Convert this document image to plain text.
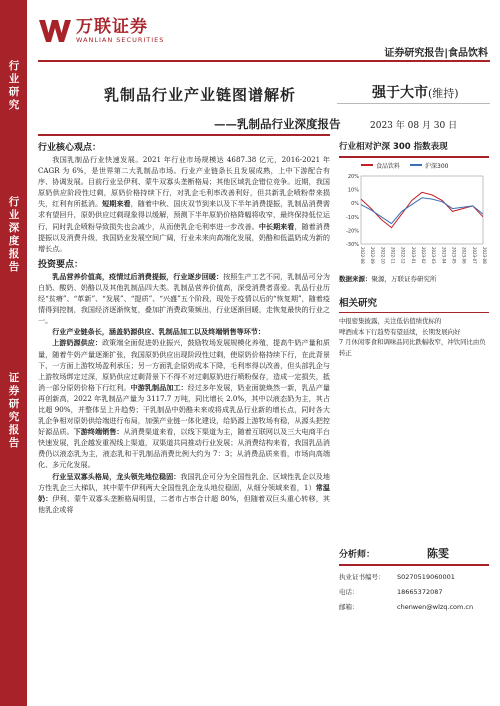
行业研究
行业深度报告
证券研究报告
万联证券
WANLIAN SECURITIES
证券研究报告|食品饮料
乳制品行业产业链图谱解析
——乳制品行业深度报告
强于大市(维持)
2023 年 08 月 30 日
行业核心观点：

我国乳制品行业快速发展。2021 年行业市场规模达 4687.38 亿元，2016-2021 年 CAGR 为 6%，是世界第二大乳制品市场。行业产业链条长且发展成熟，上中下游配合有序、协调发展。目前行业呈伊利、蒙牛双寡头垄断格局；其他区域乳企错位竞争。近期，我国原奶供应阶段性过剩，原奶价格持续下行，对乳企毛利率改善利好，但共新乳企喷粉带来损失，红利有所抵消。短期来看，随着中秋、国庆双节到来以及下半年消费提振，乳制品消费需求有望回升，原奶供应过剩现象得以缓解，预测下半年原奶价格降幅将收窄，最终保持低位运行，同时乳企喷粉导致损失也会减少，从而使乳企毛利率进一步改善。中长期来看，随着消费提振以及消费升级，我国奶业发展空间广阔，行业未来向高端化发展，奶酪和低温奶成为新的增长点。

投资要点：

乳品营养价值高，疫情过后消费提振，行业逐步回暖：按照生产工艺不同，乳制品可分为白奶、酸奶、奶酪以及其他乳制品四大类。乳制品营养价值高，深受消费者喜爱。乳品行业历经“贫瘠”、“革新”、“发展”、“提质”、“兴盛”五个阶段，现处于疫情以后的“恢复期”，随着疫情得到控制，我国经济逐渐恢复，叠加扩消费政策频出，行业逐渐回暖，走恢复最快的行业之一。

行业产业链条长，涵盖奶源供应、乳制品加工以及终端销售等环节：

上游奶源供应：政策端全面促进奶业振兴，鼓励牧场发展规模化养殖，提高牛奶产量和质量，随着牛奶产量逐渐扩张，我国原奶供应出现阶段性过剩，使原奶价格持续下行，在此背景下，一方面上游牧场盈利承压；另一方面乳企原奶成本下降，毛利率得以改善，但头部乳企与上游牧场绑定过深，原奶供应过剩背景下不得不对过剩原奶进行喷粉保存，造成一定损失，抵消一部分原奶价格下行红利。中游乳制品加工：经过多年发展，奶业面貌焕然一新，乳品产量再创新高，2022 年乳制品产量为 3117.7 万吨，同比增长 2.0%，其中以液态奶为主，其占比超 90%，并整体呈上升趋势；干乳制品中奶酪未来或将成乳品行业新的增长点，同时各大乳企争相对原奶供给端进行布局，加强产业链一体化建设，给奶源上游牧场有稳，从源头把控好源品质。下游终端销售：从消费渠道来看，以线下渠道为主，随着互联网以及三大电商平台快速发展，乳企越发重视线上渠道，双渠道共同推动行业发展；从消费结构来看，我国乳品消费仍以液态乳为主，液态乳和干乳制品消费比例大约为 7：3；从消费品质来看，市场向高端化、多元化发展。

行业呈双寡头格局，龙头领先地位稳固：我国乳企可分为全国性乳企、区域性乳企以及地方性乳企三大梯队，其中蒙牛伊利两大全国性乳企龙头地位稳固，从细分领域来看，1）常温奶：伊利、蒙牛双寡头垄断格局明显，二者市占率合计超 80%，但随着双巨头重心转移，其他乳企或将

行业相对沪深 300 指数表现
食品饮料	沪深300
20%
10%
0%
-10%
-20%
-30%
2022-08 2022-09 2022-10 2022-11 2022-12 2023-01 2023-02 2023-03 2023-04 2023-05 2023-06 2023-07 2023-08
数据来源：聚源，万联证券研究所
相关研究
中报密集披露，关注低估值绩优标的
啤酒成本下行趋势有望延续，长期发展向好
7 月休闲零食和调味品同比跌幅收窄，冲饮同比由负转正
分析师：	陈雯
执业证书编号：	S0270519060001
电话：	18665372087
邮箱：	chenwen@wlzq.com.cn
